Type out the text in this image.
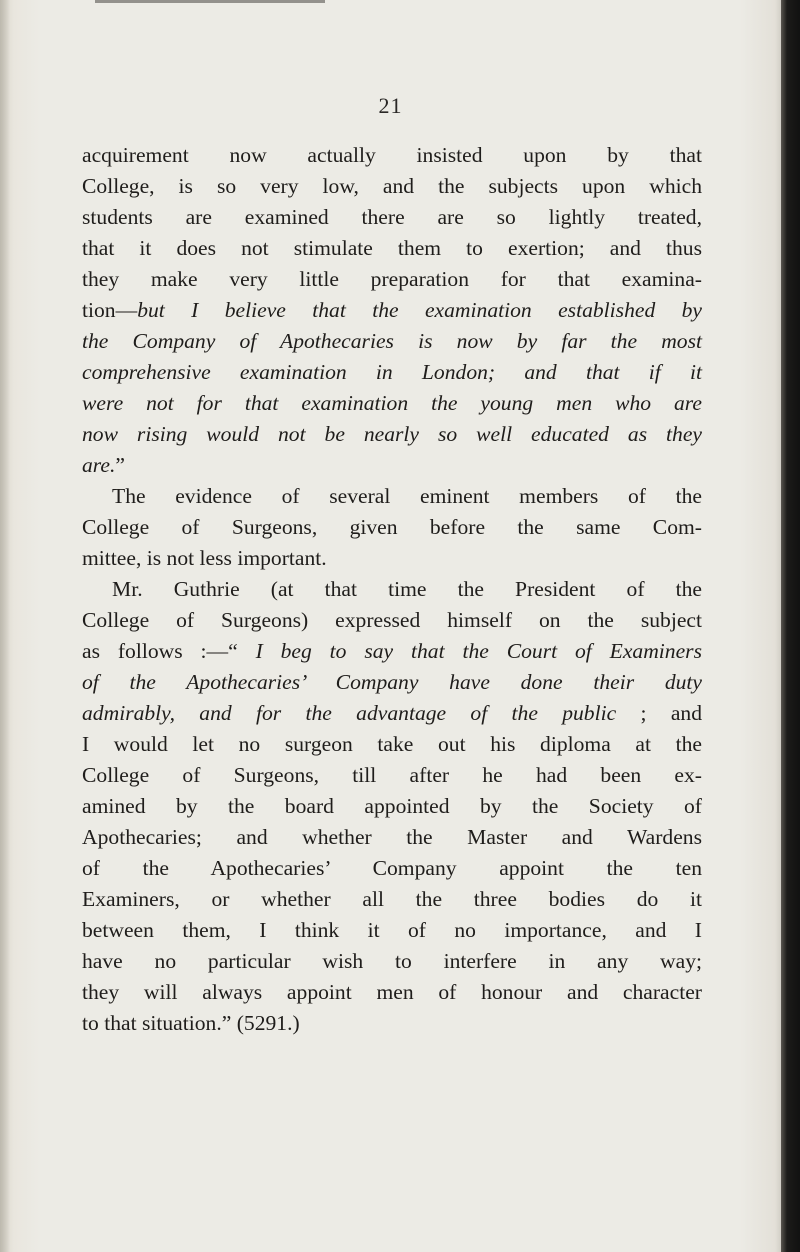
21
acquirement now actually insisted upon by that
College, is so very low, and the subjects upon which
students are examined there are so lightly treated,
that it does not stimulate them to exertion; and thus
they make very little preparation for that examina-
tion—but I believe that the examination established by
the Company of Apothecaries is now by far the most
comprehensive examination in London; and that if it
were not for that examination the young men who are
now rising would not be nearly so well educated as they
are.”
The evidence of several eminent members of the
College of Surgeons, given before the same Com-
mittee, is not less important.
Mr. Guthrie (at that time the President of the
College of Surgeons) expressed himself on the subject
as follows :—“ I beg to say that the Court of Examiners
of the Apothecaries’ Company have done their duty
admirably, and for the advantage of the public ; and
I would let no surgeon take out his diploma at the
College of Surgeons, till after he had been ex-
amined by the board appointed by the Society of
Apothecaries; and whether the Master and Wardens
of the Apothecaries’ Company appoint the ten
Examiners, or whether all the three bodies do it
between them, I think it of no importance, and I
have no particular wish to interfere in any way;
they will always appoint men of honour and character
to that situation.” (5291.)
